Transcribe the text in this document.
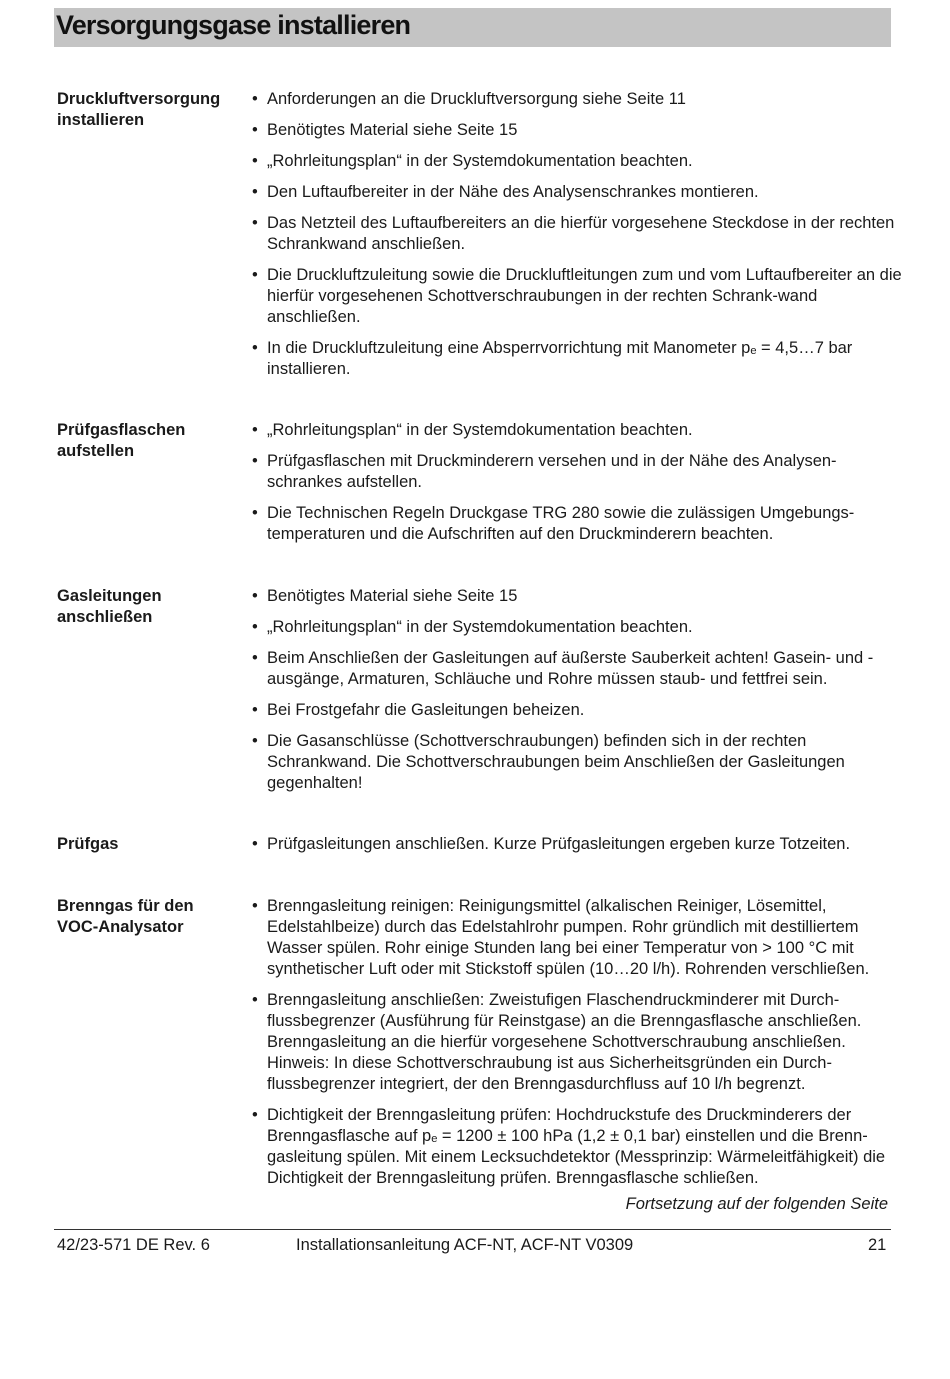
Versorgungsgase installieren
Druckluftversorgung installieren
• Anforderungen an die Druckluftversorgung siehe Seite 11
• Benötigtes Material siehe Seite 15
• „Rohrleitungsplan“ in der Systemdokumentation beachten.
• Den Luftaufbereiter in der Nähe des Analysenschrankes montieren.
• Das Netzteil des Luftaufbereiters an die hierfür vorgesehene Steckdose in der rechten Schrankwand anschließen.
• Die Druckluftzuleitung sowie die Druckluftleitungen zum und vom Luftaufbereiter an die hierfür vorgesehenen Schottverschraubungen in der rechten Schrank-wand anschließen.
• In die Druckluftzuleitung eine Absperrvorrichtung mit Manometer pₑ = 4,5…7 bar installieren.
Prüfgasflaschen aufstellen
• „Rohrleitungsplan“ in der Systemdokumentation beachten.
• Prüfgasflaschen mit Druckminderern versehen und in der Nähe des Analysen-schrankes aufstellen.
• Die Technischen Regeln Druckgase TRG 280 sowie die zulässigen Umgebungs-temperaturen und die Aufschriften auf den Druckminderern beachten.
Gasleitungen anschließen
• Benötigtes Material siehe Seite 15
• „Rohrleitungsplan“ in der Systemdokumentation beachten.
• Beim Anschließen der Gasleitungen auf äußerste Sauberkeit achten! Gasein- und -ausgänge, Armaturen, Schläuche und Rohre müssen staub- und fettfrei sein.
• Bei Frostgefahr die Gasleitungen beheizen.
• Die Gasanschlüsse (Schottverschraubungen) befinden sich in der rechten Schrankwand. Die Schottverschraubungen beim Anschließen der Gasleitungen gegenhalten!
Prüfgas
•	Prüfgasleitungen anschließen. Kurze Prüfgasleitungen ergeben kurze Totzeiten.
Brenngas für den VOC-Analysator
• Brenngasleitung reinigen: Reinigungsmittel (alkalischen Reiniger, Lösemittel, Edelstahlbeize) durch das Edelstahlrohr pumpen. Rohr gründlich mit destilliertem Wasser spülen. Rohr einige Stunden lang bei einer Temperatur von > 100 °C mit synthetischer Luft oder mit Stickstoff spülen (10…20 l/h). Rohrenden verschließen.
• Brenngasleitung anschließen: Zweistufigen Flaschendruckminderer mit Durch-flussbegrenzer (Ausführung für Reinstgase) an die Brenngasflasche anschließen. Brenngasleitung an die hierfür vorgesehene Schottverschraubung anschließen. Hinweis: In diese Schottverschraubung ist aus Sicherheitsgründen ein Durch-flussbegrenzer integriert, der den Brenngasdurchfluss auf 10 l/h begrenzt.
• Dichtigkeit der Brenngasleitung prüfen: Hochdruckstufe des Druckminderers der Brenngasflasche auf pₑ = 1200 ± 100 hPa (1,2 ± 0,1 bar) einstellen und die Brenn-gasleitung spülen. Mit einem Lecksuchdetektor (Messprinzip: Wärmeleitfähigkeit) die Dichtigkeit der Brenngasleitung prüfen. Brenngasflasche schließen.
Fortsetzung auf der folgenden Seite
42/23-571 DE Rev. 6	Installationsanleitung ACF-NT, ACF-NT V0309	21
